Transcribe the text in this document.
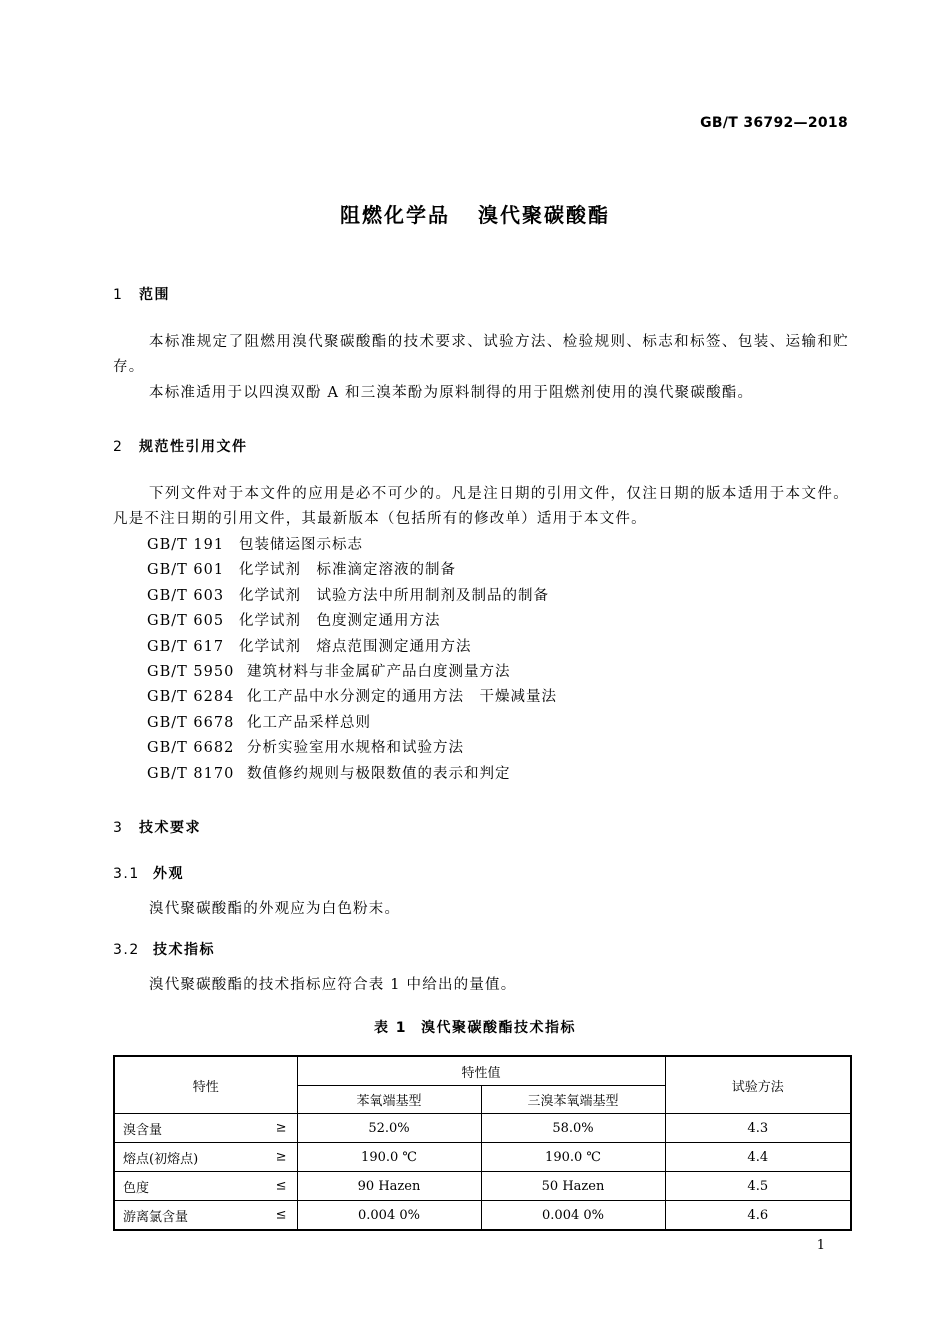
GB/T 36792—2018
阻燃化学品 溴代聚碳酸酯
1 范围

本标准规定了阻燃用溴代聚碳酸酯的技术要求、试验方法、检验规则、标志和标签、包装、运输和贮存。

本标准适用于以四溴双酚 A 和三溴苯酚为原料制得的用于阻燃剂使用的溴代聚碳酸酯。

2 规范性引用文件

下列文件对于本文件的应用是必不可少的。凡是注日期的引用文件，仅注日期的版本适用于本文件。凡是不注日期的引用文件，其最新版本（包括所有的修改单）适用于本文件。

GB/T 191 包装储运图示标志
GB/T 601 化学试剂　标准滴定溶液的制备
GB/T 603 化学试剂　试验方法中所用制剂及制品的制备
GB/T 605 化学试剂　色度测定通用方法
GB/T 617 化学试剂　熔点范围测定通用方法
GB/T 5950 建筑材料与非金属矿产品白度测量方法
GB/T 6284 化工产品中水分测定的通用方法　干燥减量法
GB/T 6678 化工产品采样总则
GB/T 6682 分析实验室用水规格和试验方法
GB/T 8170 数值修约规则与极限数值的表示和判定
3 技术要求
3.1 外观

溴代聚碳酸酯的外观应为白色粉末。

3.2 技术指标

溴代聚碳酸酯的技术指标应符合表 1 中给出的量值。

表 1 溴代聚碳酸酯技术指标
特性	特性值		试验方法
	苯氧端基型	三溴苯氧端基型	
溴含量 ≥	52.0%	58.0%	4.3
熔点(初熔点) ≥	190.0 ℃	190.0 ℃	4.4
色度 ≤	90 Hazen	50 Hazen	4.5
游离氯含量 ≤	0.004 0%	0.004 0%	4.6
1
